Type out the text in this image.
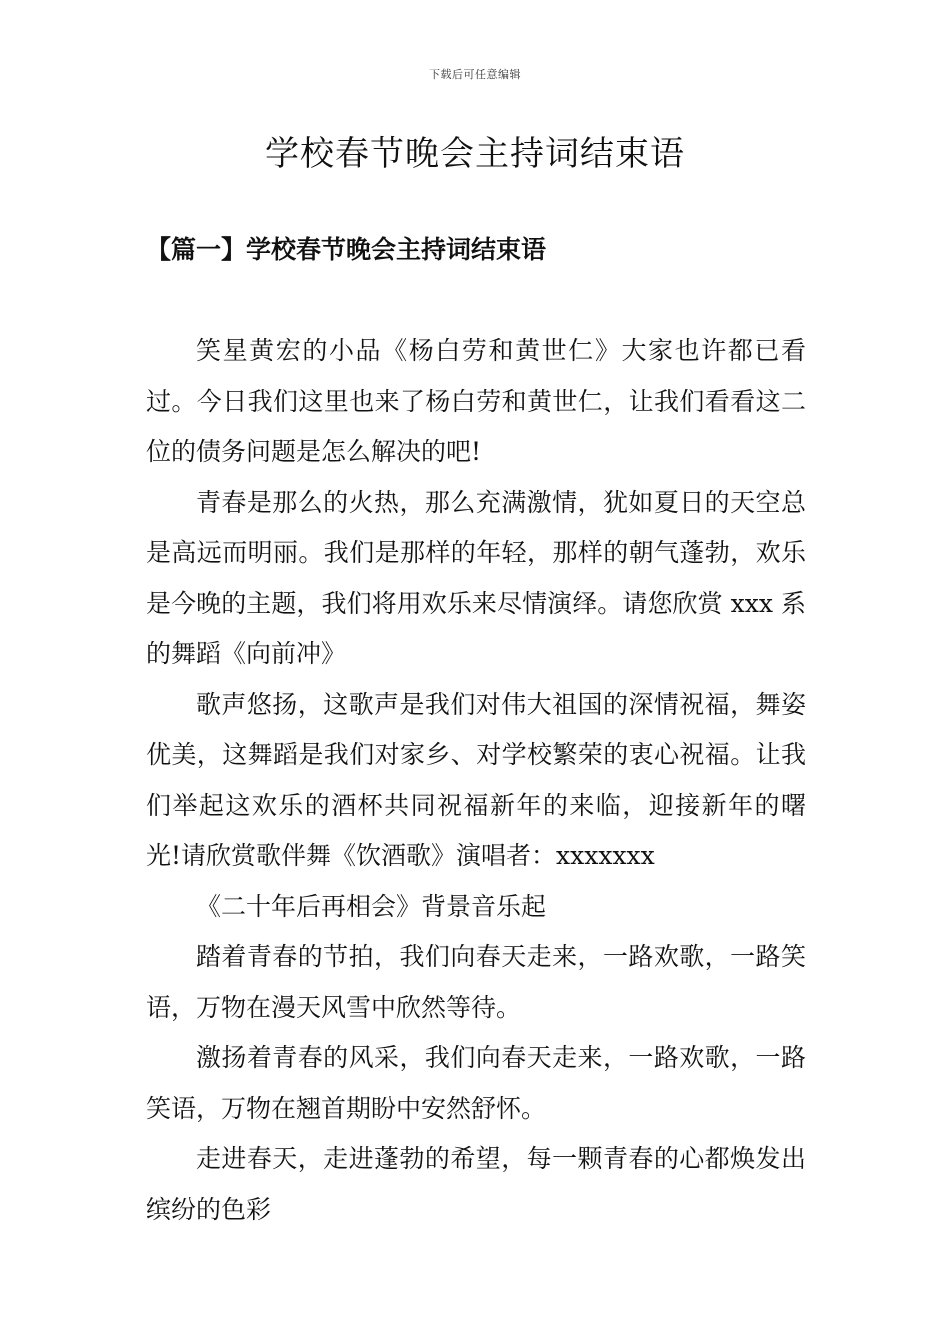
下载后可任意编辑
学校春节晚会主持词结束语
【篇一】学校春节晚会主持词结束语

笑星黄宏的小品《杨白劳和黄世仁》大家也许都已看过。今日我们这里也来了杨白劳和黄世仁，让我们看看这二位的债务问题是怎么解决的吧!

青春是那么的火热，那么充满激情，犹如夏日的天空总是高远而明丽。我们是那样的年轻，那样的朝气蓬勃，欢乐是今晚的主题，我们将用欢乐来尽情演绎。请您欣赏 xxx 系的舞蹈《向前冲》

歌声悠扬，这歌声是我们对伟大祖国的深情祝福，舞姿优美，这舞蹈是我们对家乡、对学校繁荣的衷心祝福。让我们举起这欢乐的酒杯共同祝福新年的来临，迎接新年的曙光!请欣赏歌伴舞《饮酒歌》演唱者：xxxxxxx

《二十年后再相会》背景音乐起

踏着青春的节拍，我们向春天走来，一路欢歌，一路笑语，万物在漫天风雪中欣然等待。

激扬着青春的风采，我们向春天走来，一路欢歌，一路笑语，万物在翘首期盼中安然舒怀。

走进春天，走进蓬勃的希望，每一颗青春的心都焕发出缤纷的色彩
